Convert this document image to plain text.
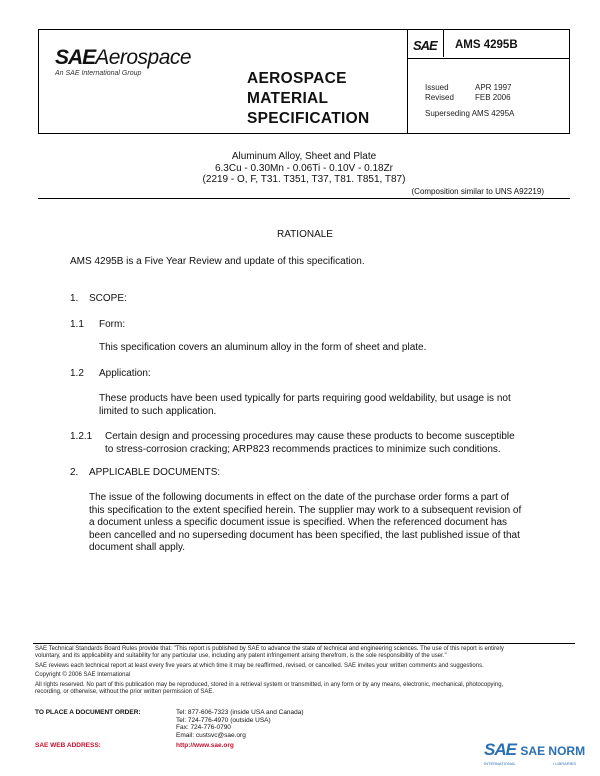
SAEAerospace
An SAE International Group	AEROSPACE
MATERIAL
SPECIFICATION
SAE AMS 4295B
Issued	APR 1997
Revised	FEB 2006
Superseding AMS 4295A
Aluminum Alloy, Sheet and Plate
6.3Cu - 0.30Mn - 0.06Ti - 0.10V - 0.18Zr
(2219 - O, F, T31. T351, T37, T81. T851, T87)
(Composition similar to UNS A92219)
RATIONALE
AMS 4295B is a Five Year Review and update of this specification.
1. SCOPE:
1.1 Form:
This specification covers an aluminum alloy in the form of sheet and plate.
1.2 Application:
These products have been used typically for parts requiring good weldability, but usage is not
limited to such application.
1.2.1 Certain design and processing procedures may cause these products to become susceptible
to stress-corrosion cracking; ARP823 recommends practices to minimize such conditions.
2. APPLICABLE DOCUMENTS:
The issue of the following documents in effect on the date of the purchase order forms a part of
this specification to the extent specified herein. The supplier may work to a subsequent revision of
a document unless a specific document issue is specified. When the referenced document has
been cancelled and no superseding document has been specified, the last published issue of that
document shall apply.
SAE Technical Standards Board Rules provide that: "This report is published by SAE to advance the state of technical and engineering sciences. The use of this report is entirely
voluntary, and its applicability and suitability for any particular use, including any patent infringement arising therefrom, is the sole responsibility of the user."
SAE reviews each technical report at least every five years at which time it may be reaffirmed, revised, or cancelled. SAE invites your written comments and suggestions.
Copyright © 2006 SAE International
All rights reserved. No part of this publication may be reproduced, stored in a retrieval system or transmitted, in any form or by any means, electronic, mechanical, photocopying,
recording, or otherwise, without the prior written permission of SAE.
TO PLACE A DOCUMENT ORDER:	Tel: 877-606-7323 (inside USA and Canada)
Tel: 724-776-4970 (outside USA)
Fax: 724-776-0790
Email: custsvc@sae.org
SAE WEB ADDRESS:	http://www.sae.org	SAE SAE NORM
INTERNATIONAL	• LIBRARIES
